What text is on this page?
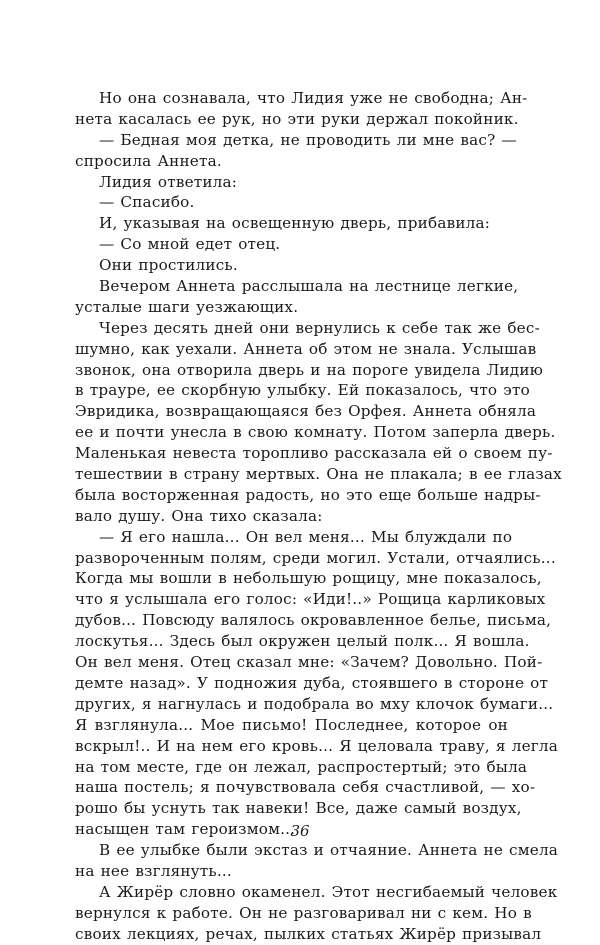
Но она сознавала, что Лидия уже не свободна; Ан-
нета касалась ее рук, но эти руки держал покойник.
— Бедная моя детка, не проводить ли мне вас? —
спросила Аннета.
Лидия ответила:
— Спасибо.
И, указывая на освещенную дверь, прибавила:
— Со мной едет отец.
Они простились.
Вечером Аннета расслышала на лестнице легкие,
усталые шаги уезжающих.
Через десять дней они вернулись к себе так же бес-
шумно, как уехали. Аннета об этом не знала. Услышав
звонок, она отворила дверь и на пороге увидела Лидию
в трауре, ее скорбную улыбку. Ей показалось, что это
Эвридика, возвращающаяся без Орфея. Аннета обняла
ее и почти унесла в свою комнату. Потом заперла дверь.
Маленькая невеста торопливо рассказала ей о своем пу-
тешествии в страну мертвых. Она не плакала; в ее глазах
была восторженная радость, но это еще больше надры-
вало душу. Она тихо сказала:
— Я его нашла... Он вел меня... Мы блуждали по
развороченным полям, среди могил. Устали, отчаялись...
Когда мы вошли в небольшую рощицу, мне показалось,
что я услышала его голос: «Иди!..» Рощица карликовых
дубов... Повсюду валялось окровавленное белье, письма,
лоскутья... Здесь был окружен целый полк... Я вошла.
Он вел меня. Отец сказал мне: «Зачем? Довольно. Пой-
демте назад». У подножия дуба, стоявшего в стороне от
других, я нагнулась и подобрала во мху клочок бумаги...
Я взглянула... Мое письмо! Последнее, которое он
вскрыл!.. И на нем его кровь... Я целовала траву, я легла
на том месте, где он лежал, распростертый; это была
наша постель; я почувствовала себя счастливой, — хо-
рошо бы уснуть так навеки! Все, даже самый воздух,
насыщен там героизмом...
В ее улыбке были экстаз и отчаяние. Аннета не смела
на нее взглянуть...
А Жирёр словно окаменел. Этот несгибаемый человек
вернулся к работе. Он не разговаривал ни с кем. Но в
своих лекциях, речах, пылких статьях Жирёр призывал
36
